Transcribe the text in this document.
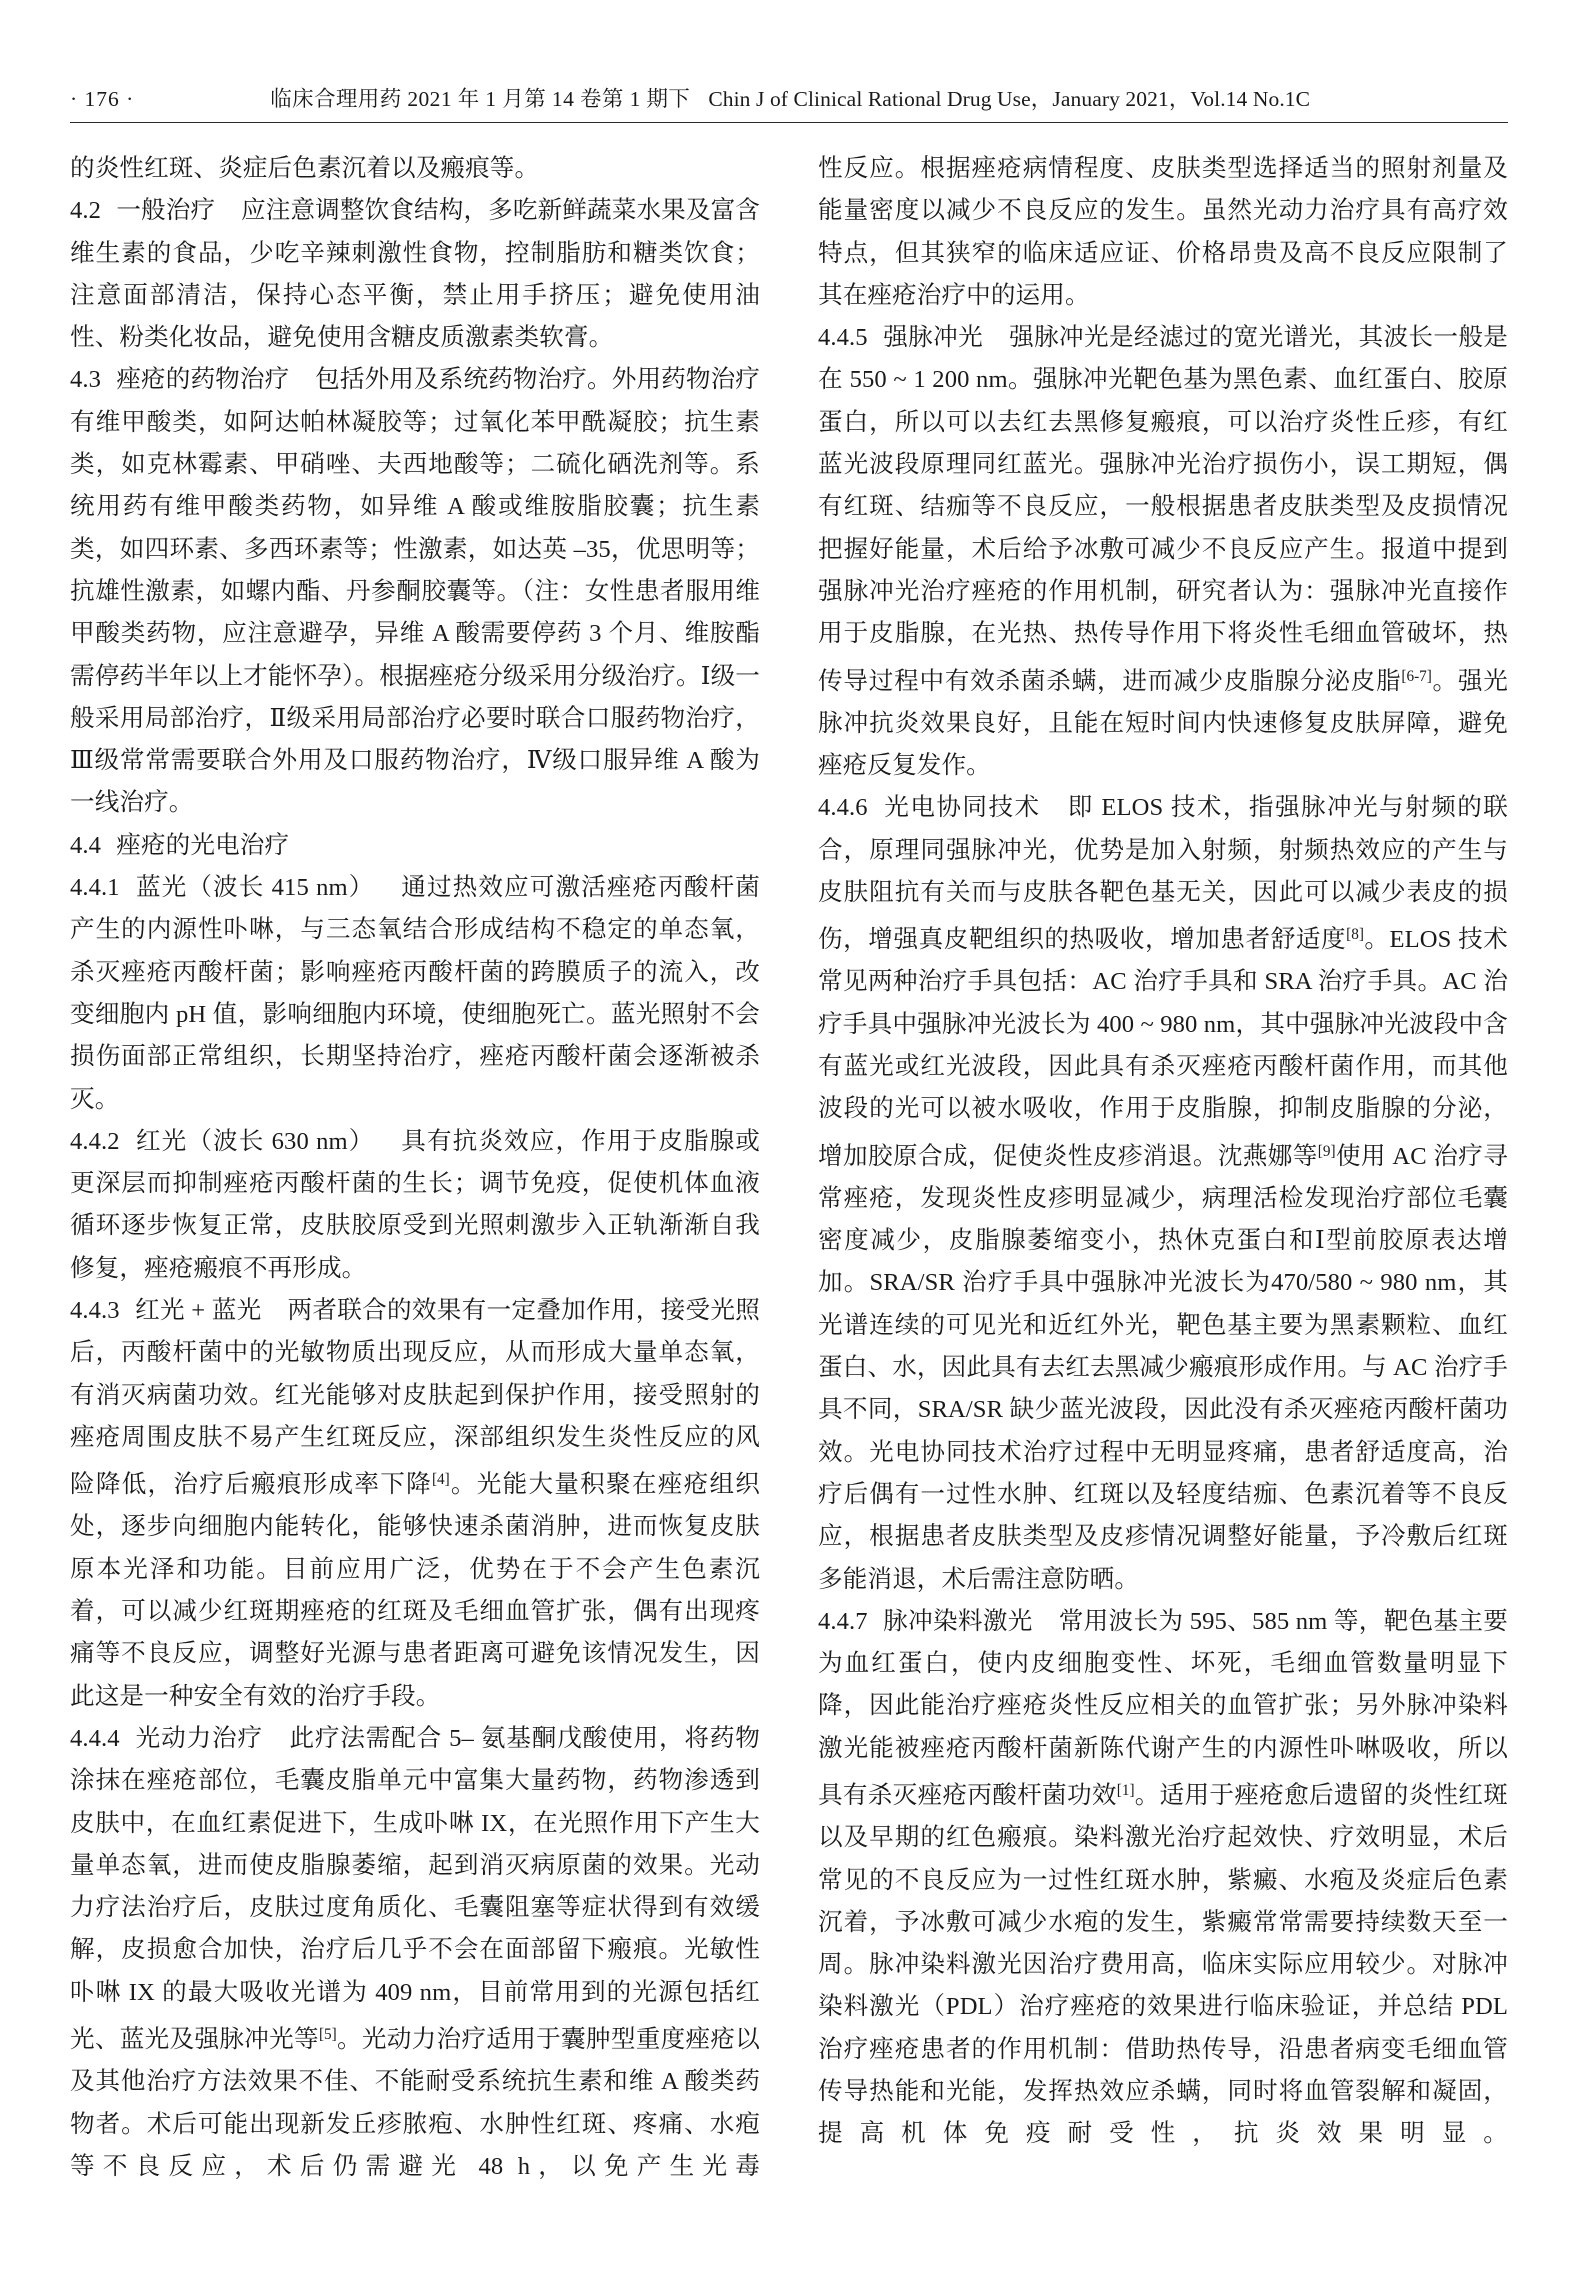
· 176 ·	临床合理用药 2021 年 1 月第 14 卷第 1 期下 Chin J of Clinical Rational Drug Use，January 2021，Vol.14 No.1C

的炎性红斑、炎症后色素沉着以及瘢痕等。

4.2 一般治疗 应注意调整饮食结构，多吃新鲜蔬菜水果及富含维生素的食品，少吃辛辣刺激性食物，控制脂肪和糖类饮食；注意面部清洁，保持心态平衡，禁止用手挤压；避免使用油性、粉类化妆品，避免使用含糖皮质激素类软膏。

4.3 痤疮的药物治疗 包括外用及系统药物治疗。外用药物治疗有维甲酸类，如阿达帕林凝胶等；过氧化苯甲酰凝胶；抗生素类，如克林霉素、甲硝唑、夫西地酸等；二硫化硒洗剂等。系统用药有维甲酸类药物，如异维 A 酸或维胺脂胶囊；抗生素类，如四环素、多西环素等；性激素，如达英 –35，优思明等；抗雄性激素，如螺内酯、丹参酮胶囊等。（注：女性患者服用维甲酸类药物，应注意避孕，异维 A 酸需要停药 3 个月、维胺酯需停药半年以上才能怀孕）。根据痤疮分级采用分级治疗。Ⅰ级一般采用局部治疗，Ⅱ级采用局部治疗必要时联合口服药物治疗，Ⅲ级常常需要联合外用及口服药物治疗，Ⅳ级口服异维 A 酸为一线治疗。

4.4 痤疮的光电治疗

4.4.1 蓝光（波长 415 nm） 通过热效应可激活痤疮丙酸杆菌产生的内源性卟啉，与三态氧结合形成结构不稳定的单态氧，杀灭痤疮丙酸杆菌；影响痤疮丙酸杆菌的跨膜质子的流入，改变细胞内 pH 值，影响细胞内环境，使细胞死亡。蓝光照射不会损伤面部正常组织，长期坚持治疗，痤疮丙酸杆菌会逐渐被杀灭。

4.4.2 红光（波长 630 nm） 具有抗炎效应，作用于皮脂腺或更深层而抑制痤疮丙酸杆菌的生长；调节免疫，促使机体血液循环逐步恢复正常，皮肤胶原受到光照刺激步入正轨渐渐自我修复，痤疮瘢痕不再形成。

4.4.3 红光 + 蓝光 两者联合的效果有一定叠加作用，接受光照后，丙酸杆菌中的光敏物质出现反应，从而形成大量单态氧，有消灭病菌功效。红光能够对皮肤起到保护作用，接受照射的痤疮周围皮肤不易产生红斑反应，深部组织发生炎性反应的风险降低，治疗后瘢痕形成率下降[4]。光能大量积聚在痤疮组织处，逐步向细胞内能转化，能够快速杀菌消肿，进而恢复皮肤原本光泽和功能。目前应用广泛，优势在于不会产生色素沉着，可以减少红斑期痤疮的红斑及毛细血管扩张，偶有出现疼痛等不良反应，调整好光源与患者距离可避免该情况发生，因此这是一种安全有效的治疗手段。

4.4.4 光动力治疗 此疗法需配合 5– 氨基酮戊酸使用，将药物涂抹在痤疮部位，毛囊皮脂单元中富集大量药物，药物渗透到皮肤中，在血红素促进下，生成卟啉 IX，在光照作用下产生大量单态氧，进而使皮脂腺萎缩，起到消灭病原菌的效果。光动力疗法治疗后，皮肤过度角质化、毛囊阻塞等症状得到有效缓解，皮损愈合加快，治疗后几乎不会在面部留下瘢痕。光敏性卟啉 IX 的最大吸收光谱为 409 nm，目前常用到的光源包括红光、蓝光及强脉冲光等[5]。光动力治疗适用于囊肿型重度痤疮以及其他治疗方法效果不佳、不能耐受系统抗生素和维 A 酸类药物者。术后可能出现新发丘疹脓疱、水肿性红斑、疼痛、水疱等不良反应，术后仍需避光 48 h，以免产生光毒

性反应。根据痤疮病情程度、皮肤类型选择适当的照射剂量及能量密度以减少不良反应的发生。虽然光动力治疗具有高疗效特点，但其狭窄的临床适应证、价格昂贵及高不良反应限制了其在痤疮治疗中的运用。

4.4.5 强脉冲光 强脉冲光是经滤过的宽光谱光，其波长一般是在 550 ~ 1 200 nm。强脉冲光靶色基为黑色素、血红蛋白、胶原蛋白，所以可以去红去黑修复瘢痕，可以治疗炎性丘疹，有红蓝光波段原理同红蓝光。强脉冲光治疗损伤小，误工期短，偶有红斑、结痂等不良反应，一般根据患者皮肤类型及皮损情况把握好能量，术后给予冰敷可减少不良反应产生。报道中提到强脉冲光治疗痤疮的作用机制，研究者认为：强脉冲光直接作用于皮脂腺，在光热、热传导作用下将炎性毛细血管破坏，热传导过程中有效杀菌杀螨，进而减少皮脂腺分泌皮脂[6-7]。强光脉冲抗炎效果良好，且能在短时间内快速修复皮肤屏障，避免痤疮反复发作。

4.4.6 光电协同技术 即 ELOS 技术，指强脉冲光与射频的联合，原理同强脉冲光，优势是加入射频，射频热效应的产生与皮肤阻抗有关而与皮肤各靶色基无关，因此可以减少表皮的损伤，增强真皮靶组织的热吸收，增加患者舒适度[8]。ELOS 技术常见两种治疗手具包括：AC 治疗手具和 SRA 治疗手具。AC 治疗手具中强脉冲光波长为 400 ~ 980 nm，其中强脉冲光波段中含有蓝光或红光波段，因此具有杀灭痤疮丙酸杆菌作用，而其他波段的光可以被水吸收，作用于皮脂腺，抑制皮脂腺的分泌，增加胶原合成，促使炎性皮疹消退。沈燕娜等[9]使用 AC 治疗寻常痤疮，发现炎性皮疹明显减少，病理活检发现治疗部位毛囊密度减少，皮脂腺萎缩变小，热休克蛋白和Ⅰ型前胶原表达增加。SRA/SR 治疗手具中强脉冲光波长为470/580 ~ 980 nm，其光谱连续的可见光和近红外光，靶色基主要为黑素颗粒、血红蛋白、水，因此具有去红去黑减少瘢痕形成作用。与 AC 治疗手具不同，SRA/SR 缺少蓝光波段，因此没有杀灭痤疮丙酸杆菌功效。光电协同技术治疗过程中无明显疼痛，患者舒适度高，治疗后偶有一过性水肿、红斑以及轻度结痂、色素沉着等不良反应，根据患者皮肤类型及皮疹情况调整好能量，予冷敷后红斑多能消退，术后需注意防晒。

4.4.7 脉冲染料激光 常用波长为 595、585 nm 等，靶色基主要为血红蛋白，使内皮细胞变性、坏死，毛细血管数量明显下降，因此能治疗痤疮炎性反应相关的血管扩张；另外脉冲染料激光能被痤疮丙酸杆菌新陈代谢产生的内源性卟啉吸收，所以具有杀灭痤疮丙酸杆菌功效[1]。适用于痤疮愈后遗留的炎性红斑以及早期的红色瘢痕。染料激光治疗起效快、疗效明显，术后常见的不良反应为一过性红斑水肿，紫癜、水疱及炎症后色素沉着，予冰敷可减少水疱的发生，紫癜常常需要持续数天至一周。脉冲染料激光因治疗费用高，临床实际应用较少。对脉冲染料激光（PDL）治疗痤疮的效果进行临床验证，并总结 PDL 治疗痤疮患者的作用机制：借助热传导，沿患者病变毛细血管传导热能和光能，发挥热效应杀螨，同时将血管裂解和凝固，提高机体免疫耐受性，抗炎效果明显。
